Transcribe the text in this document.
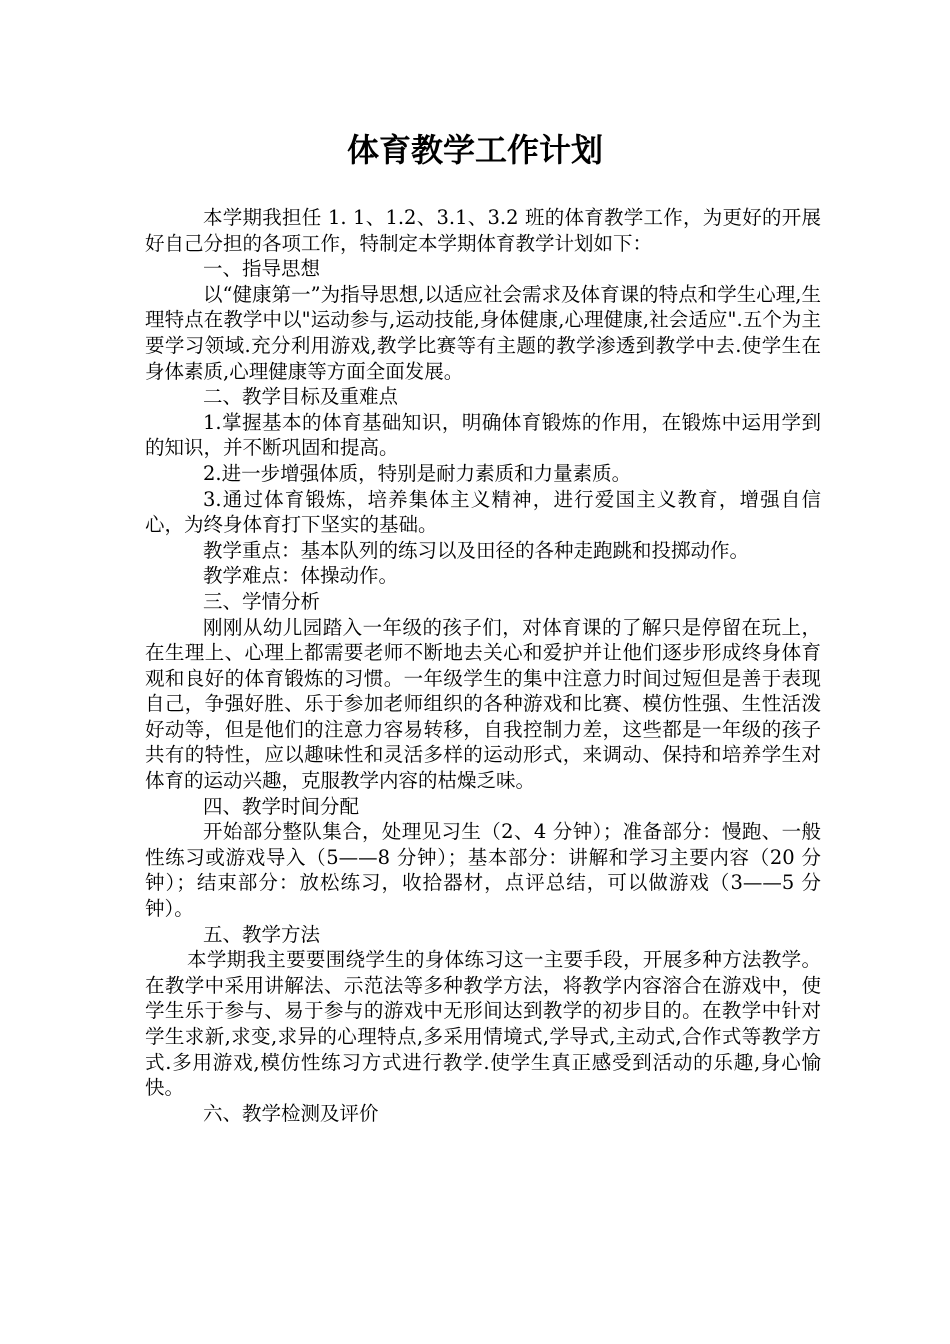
体育教学工作计划

本学期我担任 1. 1、1.2、3.1、3.2 班的体育教学工作，为更好的开展好自己分担的各项工作，特制定本学期体育教学计划如下：

一、指导思想

以“健康第一”为指导思想,以适应社会需求及体育课的特点和学生心理,生理特点在教学中以"运动参与,运动技能,身体健康,心理健康,社会适应".五个为主要学习领域.充分利用游戏,教学比赛等有主题的教学渗透到教学中去.使学生在身体素质,心理健康等方面全面发展。

二、教学目标及重难点

1.掌握基本的体育基础知识，明确体育锻炼的作用，在锻炼中运用学到的知识，并不断巩固和提高。

2.进一步增强体质，特别是耐力素质和力量素质。

3.通过体育锻炼，培养集体主义精神，进行爱国主义教育，增强自信心，为终身体育打下坚实的基础。

教学重点：基本队列的练习以及田径的各种走跑跳和投掷动作。

教学难点：体操动作。

三、学情分析

刚刚从幼儿园踏入一年级的孩子们，对体育课的了解只是停留在玩上，在生理上、心理上都需要老师不断地去关心和爱护并让他们逐步形成终身体育观和良好的体育锻炼的习惯。一年级学生的集中注意力时间过短但是善于表现自己，争强好胜、乐于参加老师组织的各种游戏和比赛、模仿性强、生性活泼好动等，但是他们的注意力容易转移，自我控制力差，这些都是一年级的孩子共有的特性，应以趣味性和灵活多样的运动形式，来调动、保持和培养学生对体育的运动兴趣，克服教学内容的枯燥乏味。

四、教学时间分配

开始部分整队集合，处理见习生（2、4 分钟）；准备部分：慢跑、一般性练习或游戏导入（5——8 分钟）；基本部分：讲解和学习主要内容（20 分钟）；结束部分：放松练习，收拾器材，点评总结，可以做游戏（3——5 分钟）。

五、教学方法

本学期我主要要围绕学生的身体练习这一主要手段，开展多种方法教学。在教学中采用讲解法、示范法等多种教学方法，将教学内容溶合在游戏中，使学生乐于参与、易于参与的游戏中无形间达到教学的初步目的。在教学中针对学生求新,求变,求异的心理特点,多采用情境式,学导式,主动式,合作式等教学方式.多用游戏,模仿性练习方式进行教学.使学生真正感受到活动的乐趣,身心愉快。

六、教学检测及评价
